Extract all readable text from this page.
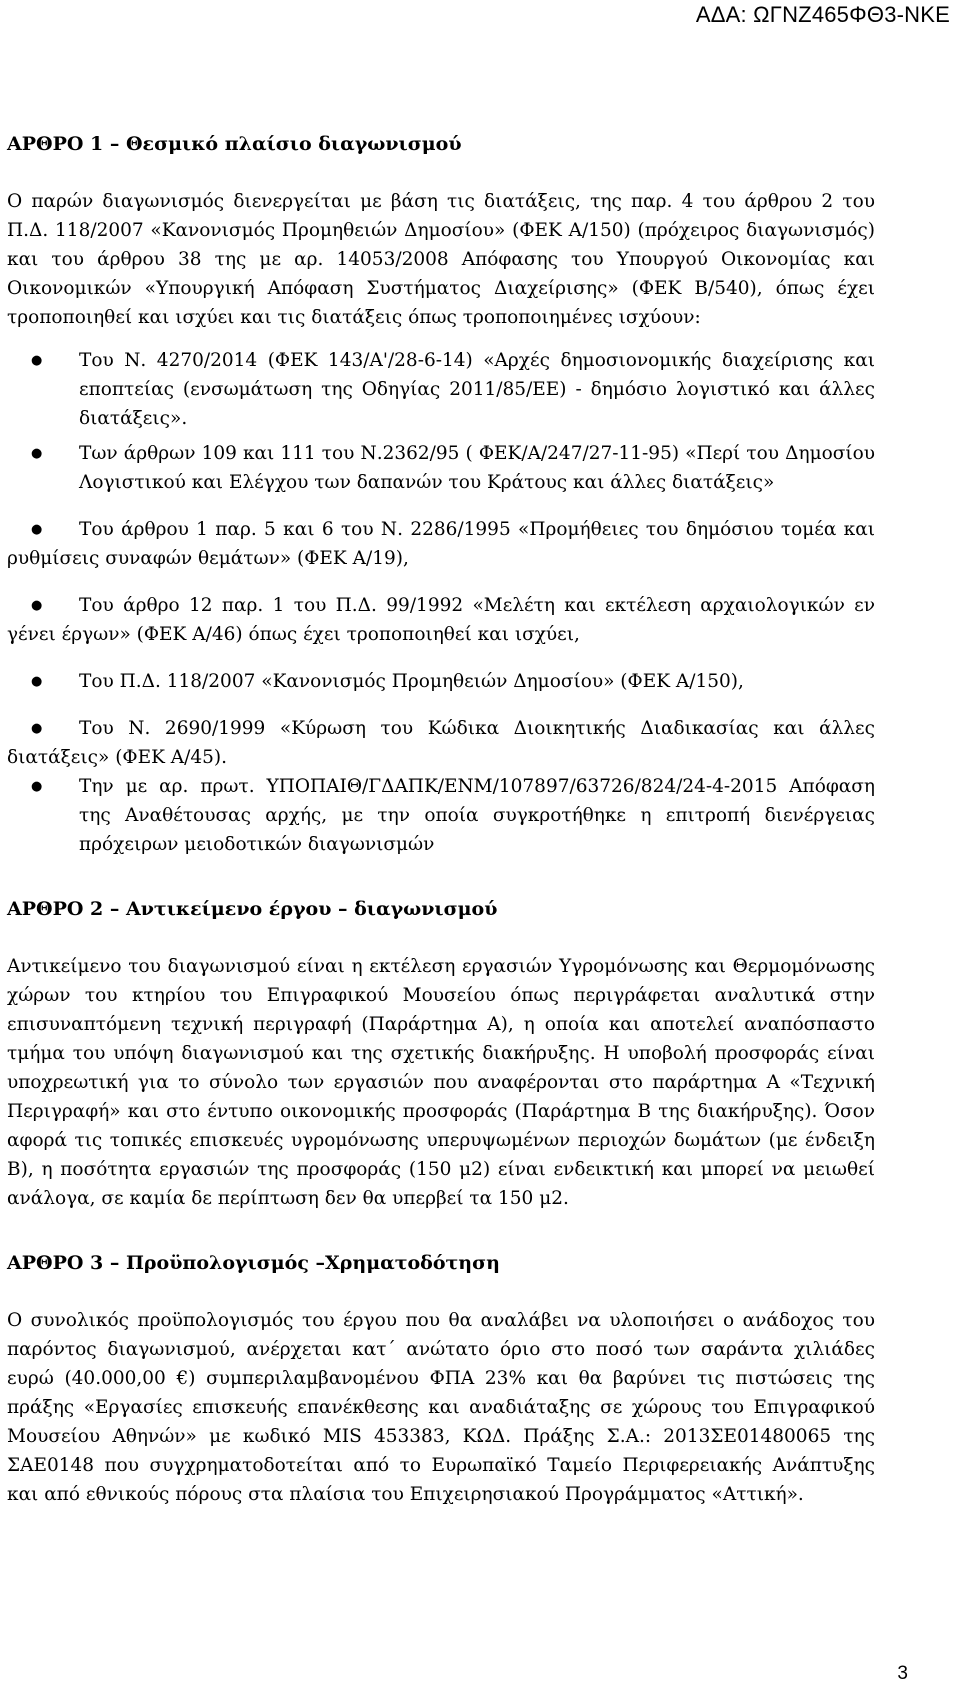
ΑΔΑ: ΩΓΝΖ465ΦΘ3-ΝΚΕ
ΑΡΘΡΟ 1 – Θεσμικό πλαίσιο διαγωνισμού

Ο παρών διαγωνισμός διενεργείται με βάση τις διατάξεις, της παρ. 4 του άρθρου 2 του Π.Δ. 118/2007 «Κανονισμός Προμηθειών Δημοσίου» (ΦΕΚ Α/150) (πρόχειρος διαγωνισμός) και του άρθρου 38 της με αρ. 14053/2008 Απόφασης του Υπουργού Οικονομίας και Οικονομικών «Υπουργική Απόφαση Συστήματος Διαχείρισης» (ΦΕΚ Β/540), όπως έχει τροποποιηθεί και ισχύει και τις διατάξεις όπως τροποποιημένες ισχύουν:

● Του Ν. 4270/2014 (ΦΕΚ 143/Α'/28-6-14) «Αρχές δημοσιονομικής διαχείρισης και εποπτείας (ενσωμάτωση της Οδηγίας 2011/85/ΕΕ) - δημόσιο λογιστικό και άλλες διατάξεις».
● Των άρθρων 109 και 111 του Ν.2362/95 ( ΦΕΚ/Α/247/27-11-95) «Περί του Δημοσίου Λογιστικού και Ελέγχου των δαπανών του Κράτους και άλλες διατάξεις»
● Του άρθρου 1 παρ. 5 και 6 του Ν. 2286/1995 «Προμήθειες του δημόσιου τομέα και ρυθμίσεις συναφών θεμάτων» (ΦΕΚ Α/19),
● Του άρθρο 12 παρ. 1 του Π.Δ. 99/1992 «Μελέτη και εκτέλεση αρχαιολογικών εν γένει έργων» (ΦΕΚ Α/46) όπως έχει τροποποιηθεί και ισχύει,
● Του Π.Δ. 118/2007 «Κανονισμός Προμηθειών Δημοσίου» (ΦΕΚ Α/150),
● Του Ν. 2690/1999 «Κύρωση του Κώδικα Διοικητικής Διαδικασίας και άλλες διατάξεις» (ΦΕΚ Α/45).
● Την με αρ. πρωτ. ΥΠΟΠΑΙΘ/ΓΔΑΠΚ/ΕΝΜ/107897/63726/824/24-4-2015 Απόφαση της Αναθέτουσας αρχής, με την οποία συγκροτήθηκε η επιτροπή διενέργειας πρόχειρων μειοδοτικών διαγωνισμών
ΑΡΘΡΟ 2 – Αντικείμενο έργου – διαγωνισμού

Αντικείμενο του διαγωνισμού είναι η εκτέλεση εργασιών Υγρομόνωσης και Θερμομόνωσης χώρων του κτηρίου του Επιγραφικού Μουσείου όπως περιγράφεται αναλυτικά στην επισυναπτόμενη τεχνική περιγραφή (Παράρτημα Α), η οποία και αποτελεί αναπόσπαστο τμήμα του υπόψη διαγωνισμού και της σχετικής διακήρυξης. Η υποβολή προσφοράς είναι υποχρεωτική για το σύνολο των εργασιών που αναφέρονται στο παράρτημα Α «Τεχνική Περιγραφή» και στο έντυπο οικονομικής προσφοράς (Παράρτημα Β της διακήρυξης). Όσον αφορά τις τοπικές επισκευές υγρομόνωσης υπερυψωμένων περιοχών δωμάτων (με ένδειξη Β), η ποσότητα εργασιών της προσφοράς (150 μ2) είναι ενδεικτική και μπορεί να μειωθεί ανάλογα, σε καμία δε περίπτωση δεν θα υπερβεί τα 150 μ2.

ΑΡΘΡΟ 3 – Προϋπολογισμός –Χρηματοδότηση

Ο συνολικός προϋπολογισμός του έργου που θα αναλάβει να υλοποιήσει ο ανάδοχος του παρόντος διαγωνισμού, ανέρχεται κατ΄ ανώτατο όριο στο ποσό των σαράντα χιλιάδες ευρώ (40.000,00 €) συμπεριλαμβανομένου ΦΠΑ 23% και θα βαρύνει τις πιστώσεις της πράξης «Εργασίες επισκευής επανέκθεσης και αναδιάταξης σε χώρους του Επιγραφικού Μουσείου Αθηνών» με κωδικό MIS 453383, ΚΩΔ. Πράξης Σ.Α.: 2013ΣΕ01480065 της ΣΑΕ0148 που συγχρηματοδοτείται από το Ευρωπαϊκό Ταμείο Περιφερειακής Ανάπτυξης και από εθνικούς πόρους στα πλαίσια του Επιχειρησιακού Προγράμματος «Αττική».

3
